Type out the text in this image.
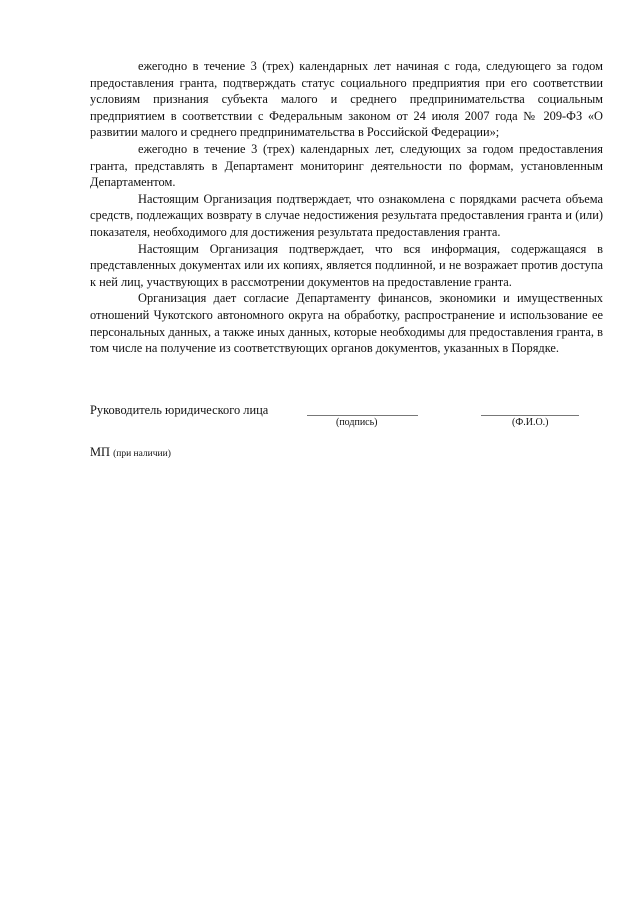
ежегодно в течение 3 (трех) календарных лет начиная с года, следующего за годом предоставления гранта, подтверждать статус социального предприятия при его соответствии условиям признания субъекта малого и среднего предпринимательства социальным предприятием в соответствии с Федеральным законом от 24 июля 2007 года № 209-ФЗ «О развитии малого и среднего предпринимательства в Российской Федерации»;

ежегодно в течение 3 (трех) календарных лет, следующих за годом предоставления гранта, представлять в Департамент мониторинг деятельности по формам, установленным Департаментом.

Настоящим Организация подтверждает, что ознакомлена с порядками расчета объема средств, подлежащих возврату в случае недостижения результата предоставления гранта и (или) показателя, необходимого для достижения результата предоставления гранта.

Настоящим Организация подтверждает, что вся информация, содержащаяся в представленных документах или их копиях, является подлинной, и не возражает против доступа к ней лиц, участвующих в рассмотрении документов на предоставление гранта.

Организация дает согласие Департаменту финансов, экономики и имущественных отношений Чукотского автономного округа на обработку, распространение и использование ее персональных данных, а также иных данных, которые необходимы для предоставления гранта, в том числе на получение из соответствующих органов документов, указанных в Порядке.

Руководитель юридического лица
(подпись)	(Ф.И.О.)
МП (при наличии)
